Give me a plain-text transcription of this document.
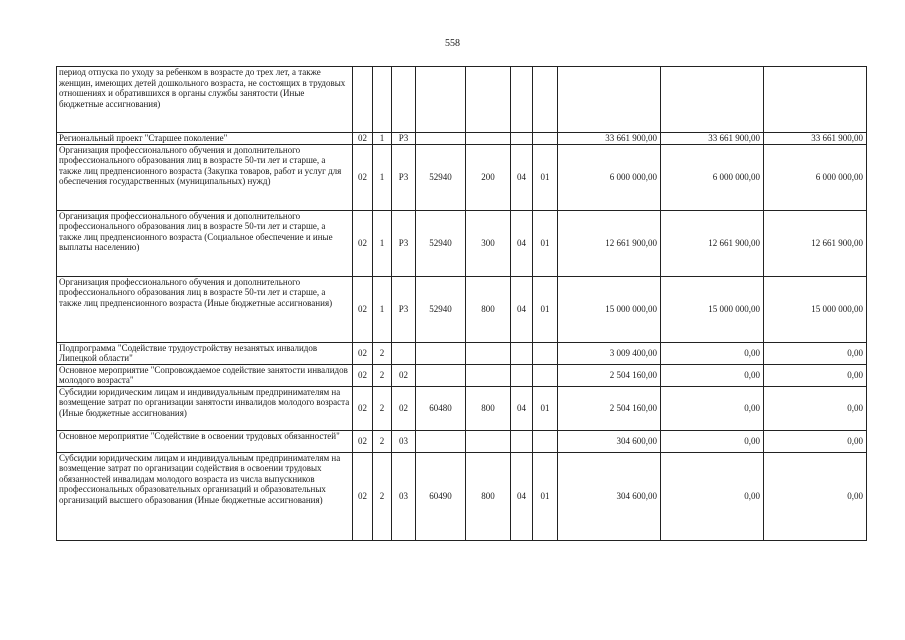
558
период отпуска по уходу за ребенком в возрасте до трех лет, а также женщин, имеющих детей дошкольного возраста, не состоящих в трудовых отношениях и обратившихся в органы службы занятости (Иные бюджетные ассигнования)										
Региональный проект "Старшее поколение"	02	1	P3					33 661 900,00	33 661 900,00	33 661 900,00
Организация профессионального обучения и дополнительного профессионального образования лиц в возрасте 50-ти лет и старше, а также лиц предпенсионного возраста (Закупка товаров, работ и услуг для обеспечения государственных (муниципальных) нужд)	02	1	P3	52940	200	04	01	6 000 000,00	6 000 000,00	6 000 000,00
Организация профессионального обучения и дополнительного профессионального образования лиц в возрасте 50-ти лет и старше, а также лиц предпенсионного возраста (Социальное обеспечение и иные выплаты населению)	02	1	P3	52940	300	04	01	12 661 900,00	12 661 900,00	12 661 900,00
Организация профессионального обучения и дополнительного профессионального образования лиц в возрасте 50-ти лет и старше, а также лиц предпенсионного возраста (Иные бюджетные ассигнования)	02	1	P3	52940	800	04	01	15 000 000,00	15 000 000,00	15 000 000,00
Подпрограмма "Содействие трудоустройству незанятых инвалидов Липецкой области"	02	2						3 009 400,00	0,00	0,00
Основное мероприятие "Сопровождаемое содействие занятости инвалидов молодого возраста"	02	2	02					2 504 160,00	0,00	0,00
Субсидии юридическим лицам и индивидуальным предпринимателям на возмещение затрат по организации занятости инвалидов молодого возраста (Иные бюджетные ассигнования)	02	2	02	60480	800	04	01	2 504 160,00	0,00	0,00
Основное мероприятие "Содействие в освоении трудовых обязанностей"	02	2	03					304 600,00	0,00	0,00
Субсидии юридическим лицам и индивидуальным предпринимателям на возмещение затрат по организации содействия в освоении трудовых обязанностей инвалидам молодого возраста из числа выпускников профессиональных образовательных организаций и образовательных организаций высшего образования (Иные бюджетные ассигнования)	02	2	03	60490	800	04	01	304 600,00	0,00	0,00
